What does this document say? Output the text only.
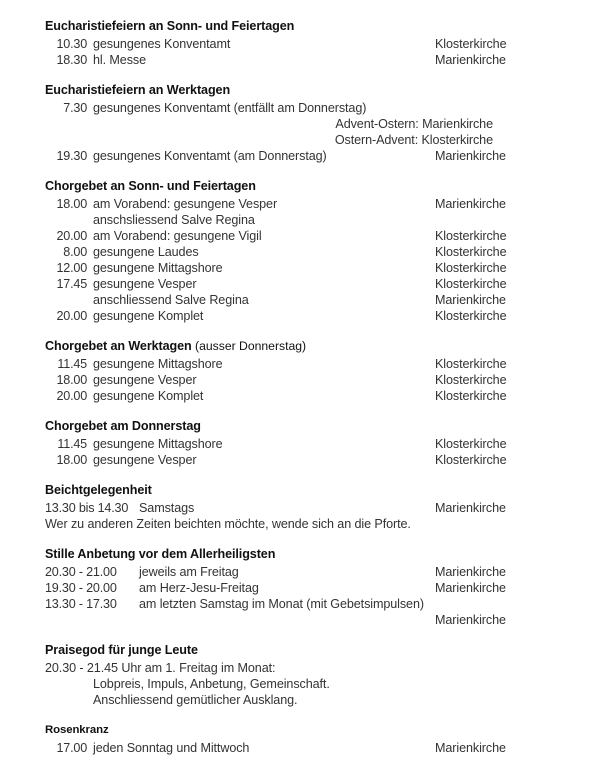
Eucharistiefeiern an Sonn- und Feiertagen
10.30 gesungenes Konventamt	Klosterkirche
18.30 hl. Messe	Marienkirche
Eucharistiefeiern an Werktagen
7.30 gesungenes Konventamt (entfällt am Donnerstag)
Advent-Ostern: Marienkirche
Ostern-Advent: Klosterkirche
19.30 gesungenes Konventamt (am Donnerstag)	Marienkirche
Chorgebet an Sonn- und Feiertagen
18.00 am Vorabend: gesungene Vesper	Marienkirche
anschsliessend Salve Regina
20.00 am Vorabend: gesungene Vigil	Klosterkirche
8.00 gesungene Laudes	Klosterkirche
12.00 gesungene Mittagshore	Klosterkirche
17.45 gesungene Vesper	Klosterkirche
anschliessend Salve Regina	Marienkirche
20.00 gesungene Komplet	Klosterkirche
Chorgebet an Werktagen (ausser Donnerstag)
11.45 gesungene Mittagshore	Klosterkirche
18.00 gesungene Vesper	Klosterkirche
20.00 gesungene Komplet	Klosterkirche
Chorgebet am Donnerstag
11.45 gesungene Mittagshore	Klosterkirche
18.00 gesungene Vesper	Klosterkirche
Beichtgelegenheit
13.30 bis 14.30 Samstags	Marienkirche
Wer zu anderen Zeiten beichten möchte, wende sich an die Pforte.
Stille Anbetung vor dem Allerheiligsten
20.30 - 21.00	jeweils am Freitag	Marienkirche
19.30 - 20.00	am Herz-Jesu-Freitag	Marienkirche
13.30 - 17.30	am letzten Samstag im Monat (mit Gebetsimpulsen)
Marienkirche
Praisegod für junge Leute
20.30 - 21.45 Uhr am 1. Freitag im Monat:
Lobpreis, Impuls, Anbetung, Gemeinschaft.
Anschliessend gemütlicher Ausklang.
Rosenkranz
17.00 jeden Sonntag und Mittwoch	Marienkirche
